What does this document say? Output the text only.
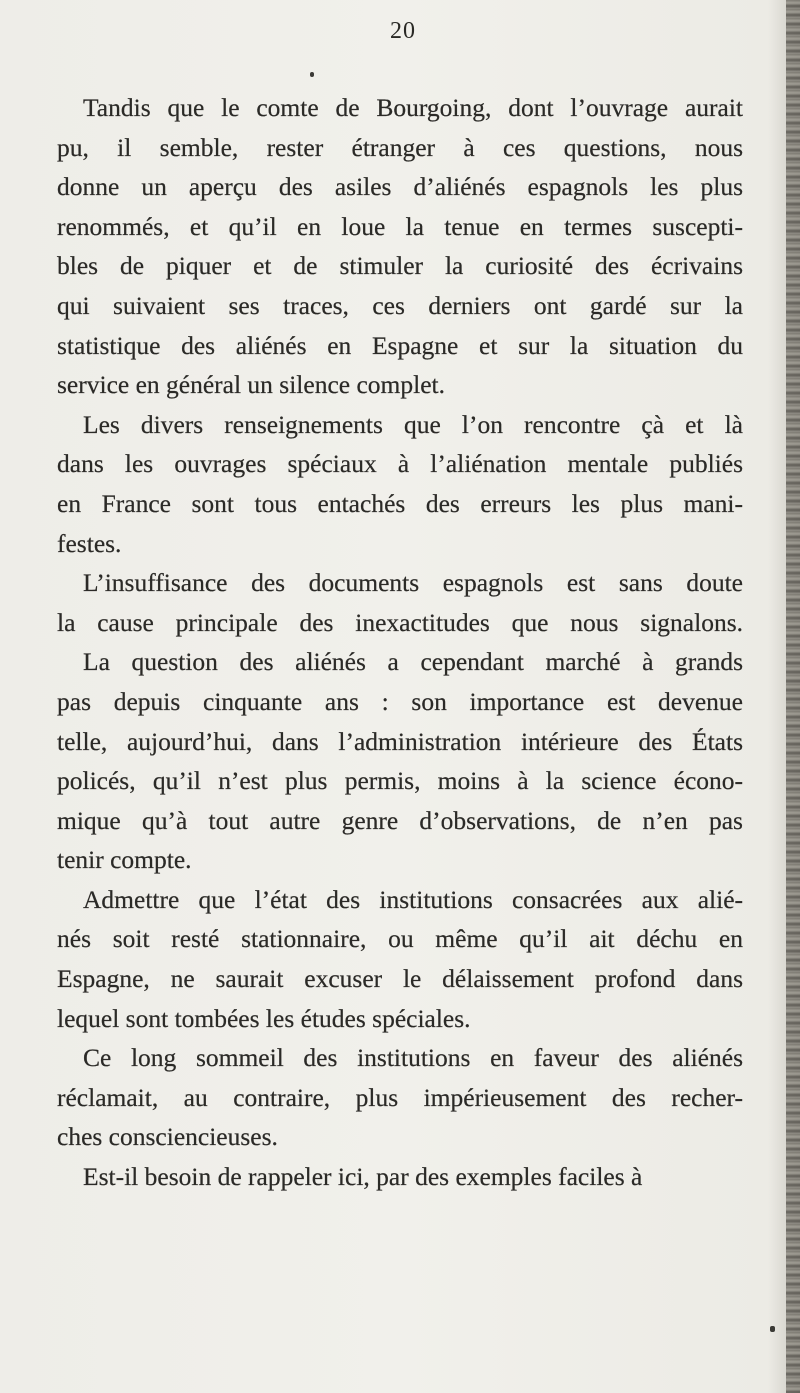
20
Tandis que le comte de Bourgoing, dont l’ouvrage aurait
pu, il semble, rester étranger à ces questions, nous
donne un aperçu des asiles d’aliénés espagnols les plus
renommés, et qu’il en loue la tenue en termes suscepti-
bles de piquer et de stimuler la curiosité des écrivains
qui suivaient ses traces, ces derniers ont gardé sur la
statistique des aliénés en Espagne et sur la situation du
service en général un silence complet.
Les divers renseignements que l’on rencontre çà et là
dans les ouvrages spéciaux à l’aliénation mentale publiés
en France sont tous entachés des erreurs les plus mani-
festes.
L’insuffisance des documents espagnols est sans doute
la cause principale des inexactitudes que nous signalons.
La question des aliénés a cependant marché à grands
pas depuis cinquante ans : son importance est devenue
telle, aujourd’hui, dans l’administration intérieure des États
policés, qu’il n’est plus permis, moins à la science écono-
mique qu’à tout autre genre d’observations, de n’en pas
tenir compte.
Admettre que l’état des institutions consacrées aux alié-
nés soit resté stationnaire, ou même qu’il ait déchu en
Espagne, ne saurait excuser le délaissement profond dans
lequel sont tombées les études spéciales.
Ce long sommeil des institutions en faveur des aliénés
réclamait, au contraire, plus impérieusement des recher-
ches consciencieuses.
Est-il besoin de rappeler ici, par des exemples faciles à
